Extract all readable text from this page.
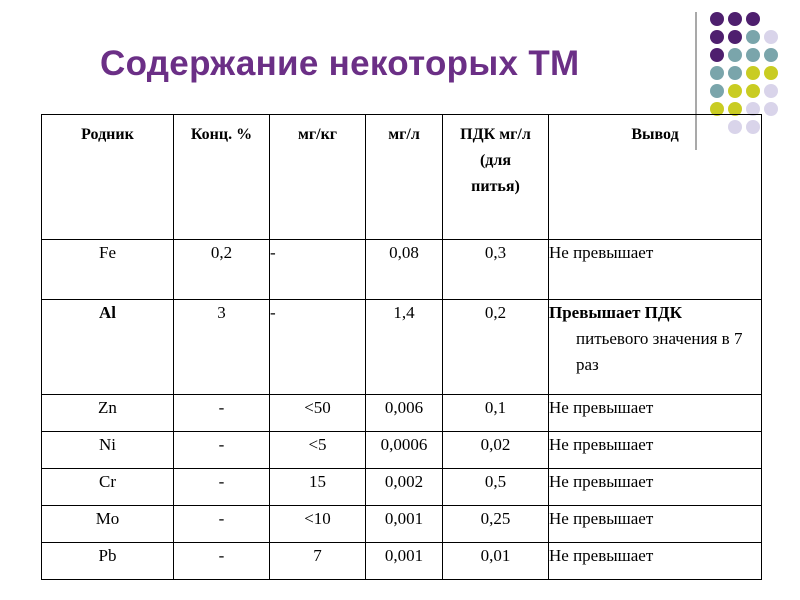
Содержание некоторых ТМ
Родник	Конц. %	мг/кг	мг/л	ПДК мг/л (для питья)	Вывод
Fe	0,2	-	0,08	0,3	Не превышает
Al	3	-	1,4	0,2	Превышает ПДК
питьевого значения в 7 раз

Zn	-	<50	0,006	0,1	Не превышает
Ni	-	<5	0,0006	0,02	Не превышает
Cr	-	15	0,002	0,5	Не превышает
Mo	-	<10	0,001	0,25	Не превышает
Pb	-	7	0,001	0,01	Не превышает
